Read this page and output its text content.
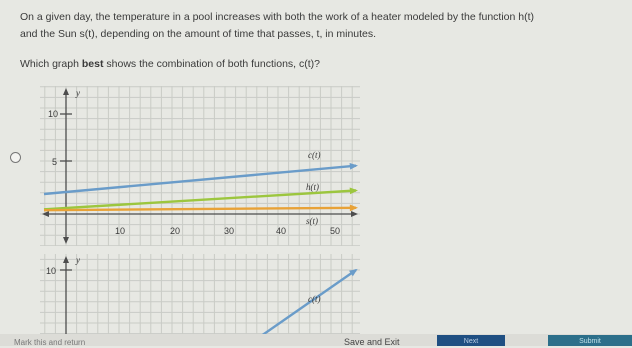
On a given day, the temperature in a pool increases with both the work of a heater modeled by the function h(t)
and the Sun s(t), depending on the amount of time that passes, t, in minutes.
Which graph best shows the combination of both functions, c(t)?
y
10
5
10	20	30	40	50
c(t)
h(t)
s(t)
y
10
c(t)
Mark this and return	Save and Exit	Next	Submit
